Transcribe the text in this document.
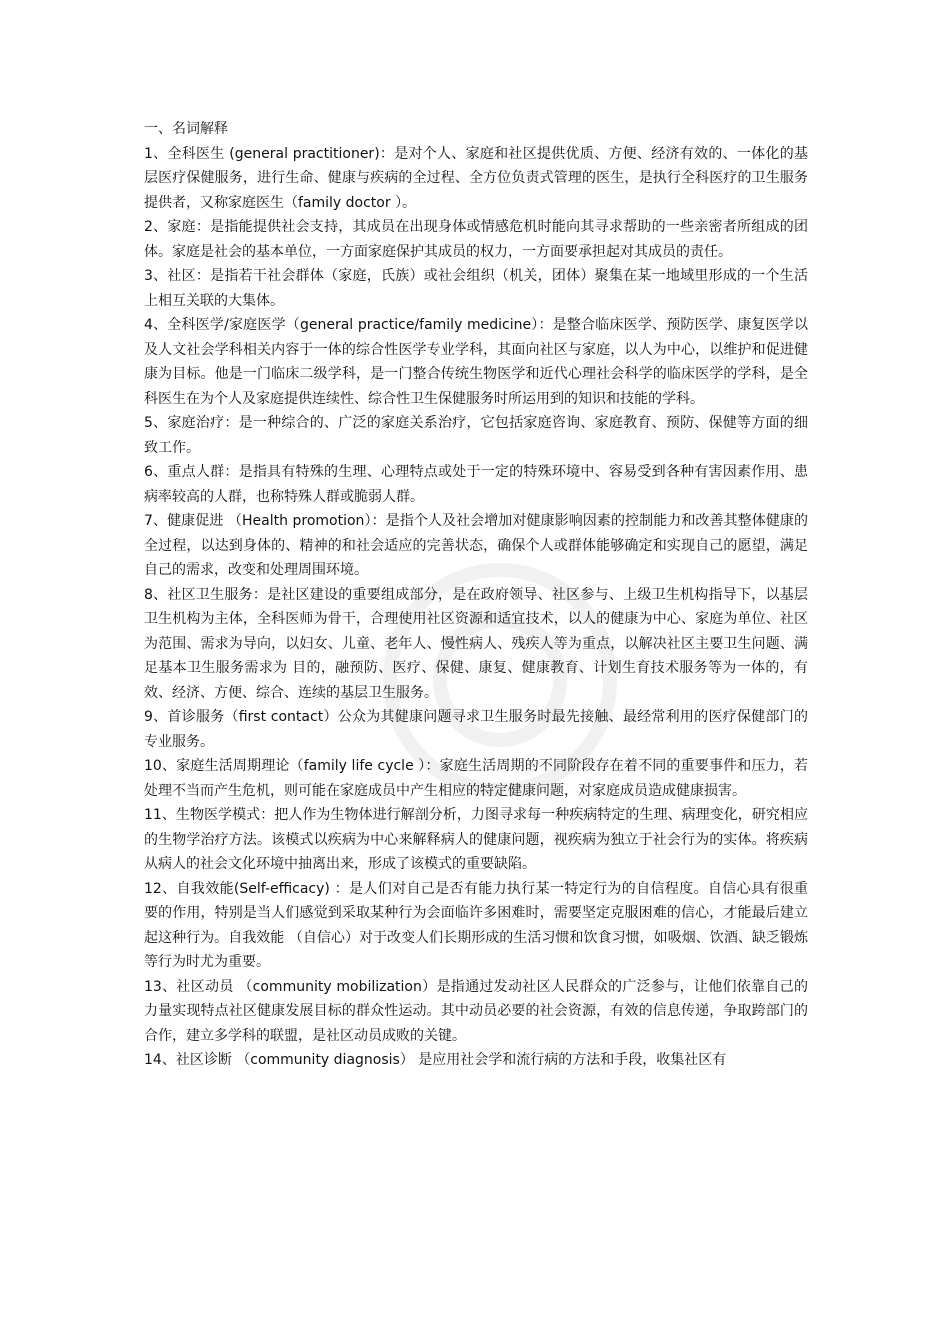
一、名词解释

1、全科医生 (general practitioner)：是对个人、家庭和社区提供优质、方便、经济有效的、一体化的基层医疗保健服务，进行生命、健康与疾病的全过程、全方位负责式管理的医生，是执行全科医疗的卫生服务提供者，又称家庭医生（family doctor ）。

2、家庭：是指能提供社会支持，其成员在出现身体或情感危机时能向其寻求帮助的一些亲密者所组成的团体。家庭是社会的基本单位，一方面家庭保护其成员的权力，一方面要承担起对其成员的责任。

3、社区：是指若干社会群体（家庭，氏族）或社会组织（机关，团体）聚集在某一地域里形成的一个生活上相互关联的大集体。

4、全科医学/家庭医学（general practice/family medicine）：是整合临床医学、预防医学、康复医学以及人文社会学科相关内容于一体的综合性医学专业学科，其面向社区与家庭，以人为中心，以维护和促进健康为目标。他是一门临床二级学科，是一门整合传统生物医学和近代心理社会科学的临床医学的学科，是全科医生在为个人及家庭提供连续性、综合性卫生保健服务时所运用到的知识和技能的学科。

5、家庭治疗：是一种综合的、广泛的家庭关系治疗，它包括家庭咨询、家庭教育、预防、保健等方面的细致工作。

6、重点人群：是指具有特殊的生理、心理特点或处于一定的特殊环境中、容易受到各种有害因素作用、患病率较高的人群，也称特殊人群或脆弱人群。

7、健康促进 （Health promotion）：是指个人及社会增加对健康影响因素的控制能力和改善其整体健康的全过程，以达到身体的、精神的和社会适应的完善状态，确保个人或群体能够确定和实现自己的愿望，满足自己的需求，改变和处理周围环境。

8、社区卫生服务：是社区建设的重要组成部分，是在政府领导、社区参与、上级卫生机构指导下，以基层卫生机构为主体，全科医师为骨干，合理使用社区资源和适宜技术，以人的健康为中心、家庭为单位、社区为范围、需求为导向，以妇女、儿童、老年人、慢性病人、残疾人等为重点，以解决社区主要卫生问题、满足基本卫生服务需求为 目的，融预防、医疗、保健、康复、健康教育、计划生育技术服务等为一体的，有效、经济、方便、综合、连续的基层卫生服务。

9、首诊服务（first contact）公众为其健康问题寻求卫生服务时最先接触、最经常利用的医疗保健部门的专业服务。

10、家庭生活周期理论（family life cycle ）：家庭生活周期的不同阶段存在着不同的重要事件和压力，若处理不当而产生危机，则可能在家庭成员中产生相应的特定健康问题，对家庭成员造成健康损害。

11、生物医学模式：把人作为生物体进行解剖分析，力图寻求每一种疾病特定的生理、病理变化，研究相应的生物学治疗方法。该模式以疾病为中心来解释病人的健康问题，视疾病为独立于社会行为的实体。将疾病从病人的社会文化环境中抽离出来，形成了该模式的重要缺陷。

12、自我效能(Self-efficacy) ：是人们对自己是否有能力执行某一特定行为的自信程度。自信心具有很重要的作用，特别是当人们感觉到采取某种行为会面临许多困难时，需要坚定克服困难的信心，才能最后建立起这种行为。自我效能 （自信心）对于改变人们长期形成的生活习惯和饮食习惯，如吸烟、饮酒、缺乏锻炼等行为时尤为重要。

13、社区动员 （community mobilization）是指通过发动社区人民群众的广泛参与，让他们依靠自己的力量实现特点社区健康发展目标的群众性运动。其中动员必要的社会资源，有效的信息传递，争取跨部门的合作，建立多学科的联盟，是社区动员成败的关键。

14、社区诊断 （community diagnosis） 是应用社会学和流行病的方法和手段，收集社区有
